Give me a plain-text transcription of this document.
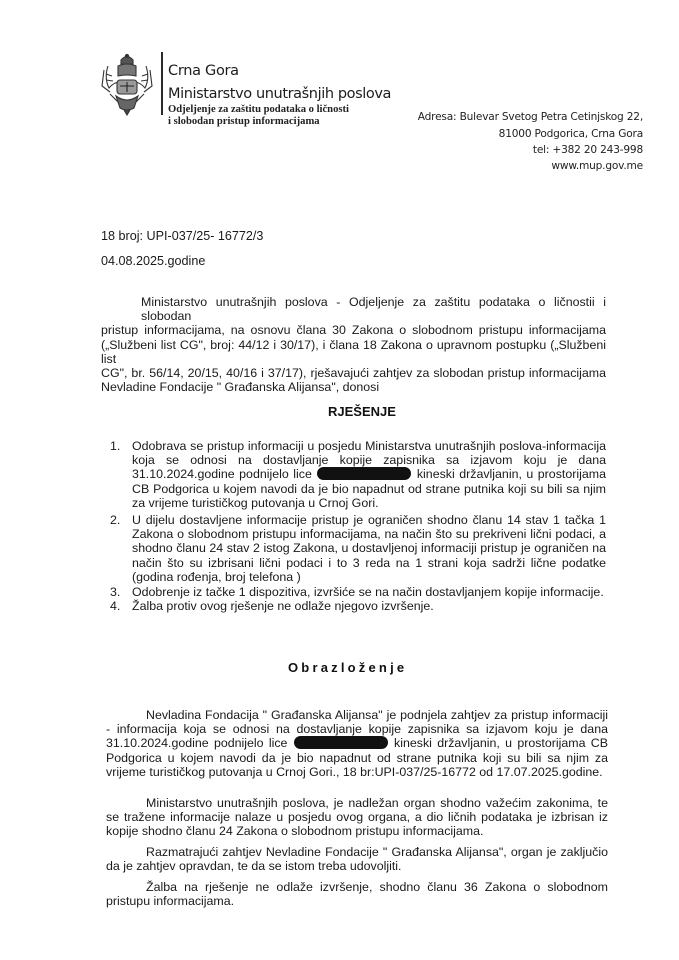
Crna Gora
Ministarstvo unutrašnjih poslova
Odjeljenje za zaštitu podataka o ličnosti
i slobodan pristup informacijama	Adresa: Bulevar Svetog Petra Cetinjskog 22,
81000 Podgorica, Crna Gora
tel: +382 20 243-998
www.mup.gov.me
18 broj: UPI-037/25- 16772/3
04.08.2025.godine
Ministarstvo unutrašnjih poslova - Odjeljenje za zaštitu podataka o ličnostii i slobodan
pristup informacijama, na osnovu člana 30 Zakona o slobodnom pristupu informacijama
(„Službeni list CG", broj: 44/12 i 30/17), i člana 18 Zakona o upravnom postupku („Službeni list
CG", br. 56/14, 20/15, 40/16 i 37/17), rješavajući zahtjev za slobodan pristup informacijama
Nevladine Fondacije " Građanska Alijansa", donosi
RJEŠENJE
1. Odobrava se pristup informaciji u posjedu Ministarstva unutrašnjih poslova-informacija koja se odnosi na dostavljanje kopije zapisnika sa izjavom koju je dana 31.10.2024.godine podnijelo lice	kineski državljanin, u prostorijama CB Podgorica u kojem navodi da je bio napadnut od strane putnika koji su bili sa njim za vrijeme turističkog putovanja u Crnoj Gori.
2. U dijelu dostavljene informacije pristup je ograničen shodno članu 14 stav 1 tačka 1 Zakona o slobodnom pristupu informacijama, na način što su prekriveni lični podaci, a shodno članu 24 stav 2 istog Zakona, u dostavljenoj informaciji pristup je ograničen na način što su izbrisani lični podaci i to 3 reda na 1 strani koja sadrži lične podatke (godina rođenja, broj telefona )
3. Odobrenje iz tačke 1 dispozitiva, izvršiće se na način dostavljanjem kopije informacije.
4. Žalba protiv ovog rješenje ne odlaže njegovo izvršenje.
Obrazloženje
Nevladina Fondacija " Građanska Alijansa" je podnjela zahtjev za pristup informaciji - informacija koja se odnosi na dostavljanje kopije zapisnika sa izjavom koju je dana 31.10.2024.godine podnijelo lice	kineski državljanin, u prostorijama CB Podgorica u kojem navodi da je bio napadnut od strane putnika koji su bili sa njim za vrijeme turističkog putovanja u Crnoj Gori., 18 br:UPI-037/25-16772 od 17.07.2025.godine.
Ministarstvo unutrašnjih poslova, je nadležan organ shodno važećim zakonima, te se tražene informacije nalaze u posjedu ovog organa, a dio ličnih podataka je izbrisan iz kopije shodno članu 24 Zakona o slobodnom pristupu informacijama.
Razmatrajući zahtjev Nevladine Fondacije " Građanska Alijansa", organ je zaključio da je zahtjev opravdan, te da se istom treba udovoljiti.
Žalba na rješenje ne odlaže izvršenje, shodno članu 36 Zakona o slobodnom pristupu informacijama.
